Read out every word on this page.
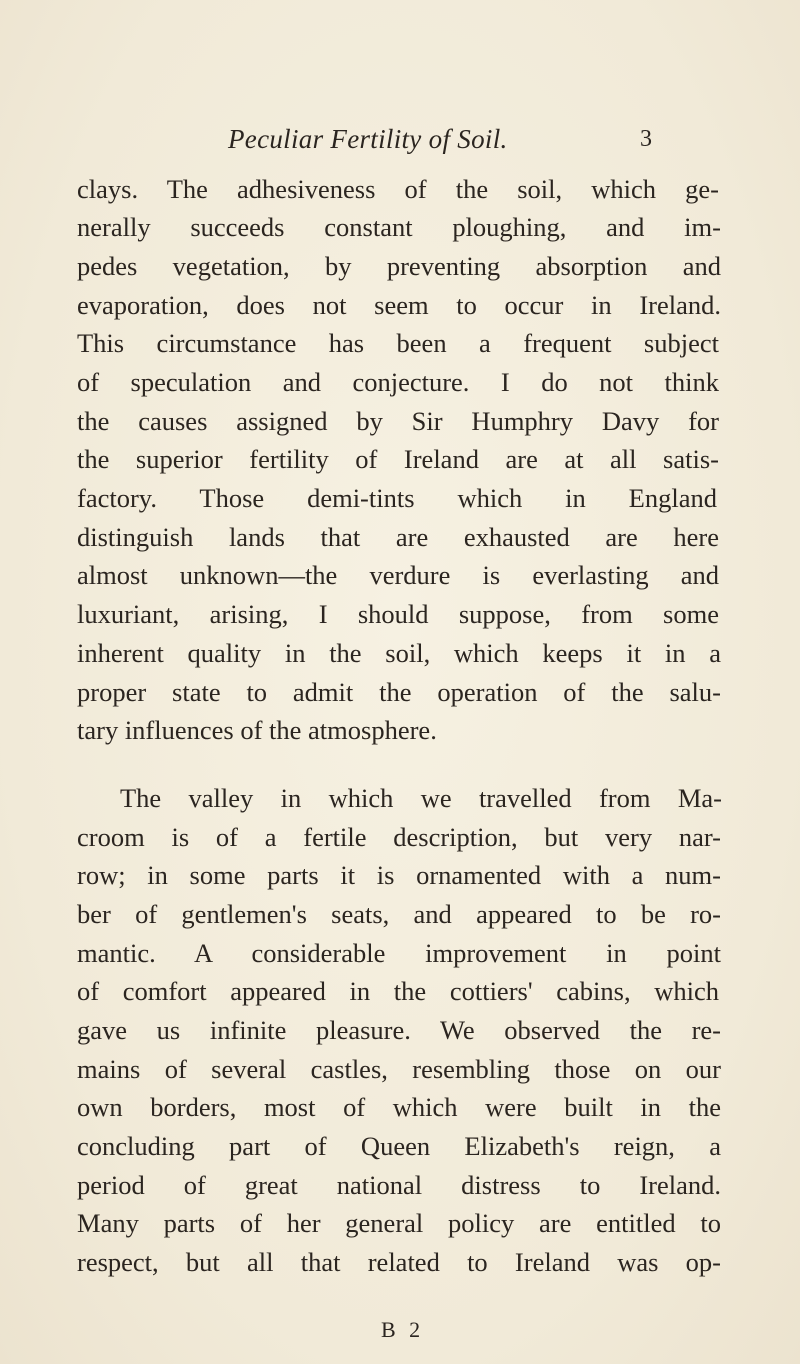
Peculiar Fertility of Soil.	3
clays. The adhesiveness of the soil, which ge-
nerally succeeds constant ploughing, and im-
pedes vegetation, by preventing absorption and
evaporation, does not seem to occur in Ireland.
This circumstance has been a frequent subject
of speculation and conjecture. I do not think
the causes assigned by Sir Humphry Davy for
the superior fertility of Ireland are at all satis-
factory. Those demi-tints which in England
distinguish lands that are exhausted are here
almost unknown—the verdure is everlasting and
luxuriant, arising, I should suppose, from some
inherent quality in the soil, which keeps it in a
proper state to admit the operation of the salu-
tary influences of the atmosphere.
The valley in which we travelled from Ma-
croom is of a fertile description, but very nar-
row; in some parts it is ornamented with a num-
ber of gentlemen's seats, and appeared to be ro-
mantic. A considerable improvement in point
of comfort appeared in the cottiers' cabins, which
gave us infinite pleasure. We observed the re-
mains of several castles, resembling those on our
own borders, most of which were built in the
concluding part of Queen Elizabeth's reign, a
period of great national distress to Ireland.
Many parts of her general policy are entitled to
respect, but all that related to Ireland was op-
B 2
